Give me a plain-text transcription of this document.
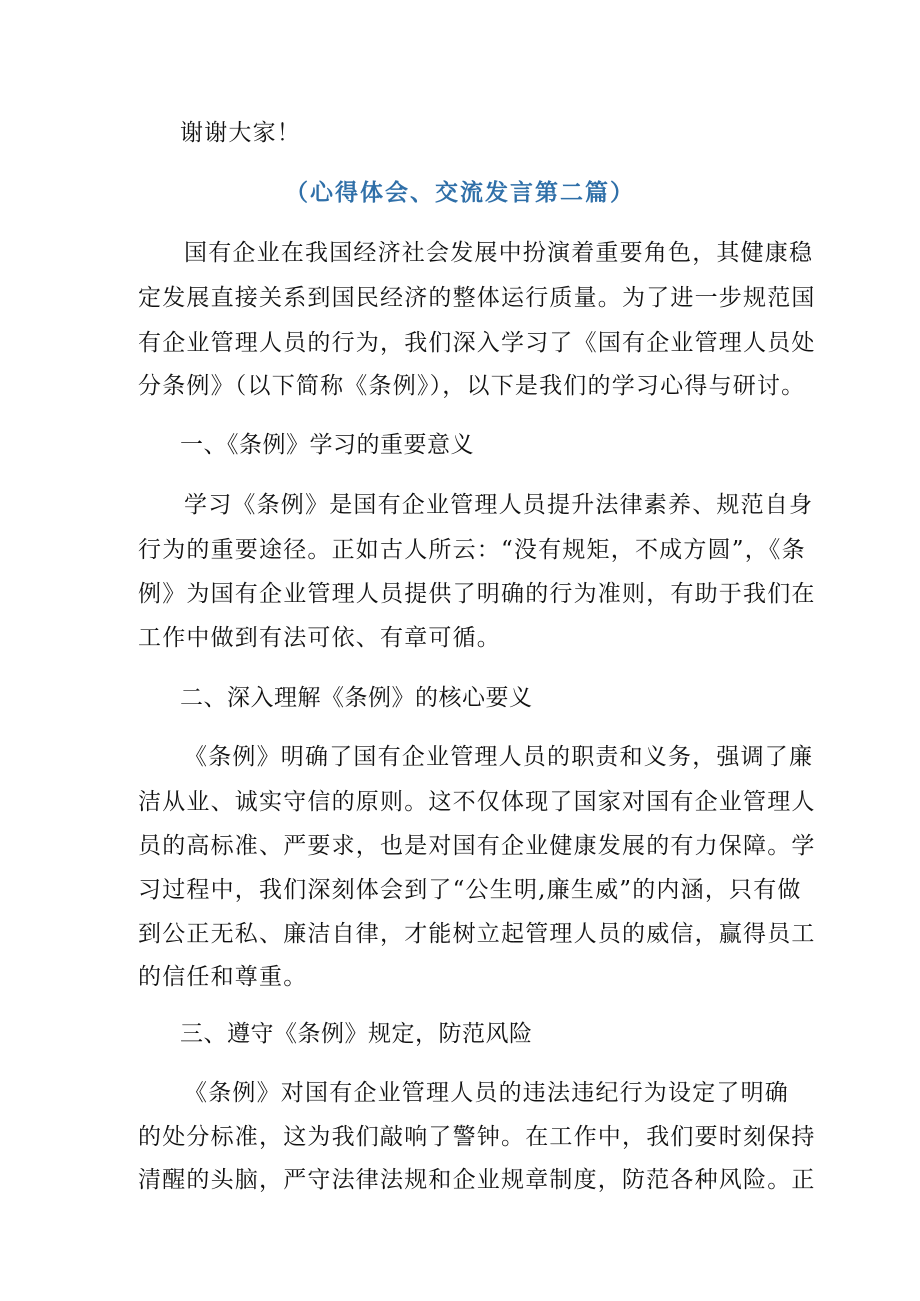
谢谢大家！
（心得体会、交流发言第二篇）
国有企业在我国经济社会发展中扮演着重要角色，其健康稳
定发展直接关系到国民经济的整体运行质量。为了进一步规范国
有企业管理人员的行为，我们深入学习了《国有企业管理人员处
分条例》（以下简称《条例》），以下是我们的学习心得与研讨。
一、《条例》学习的重要意义
学习《条例》是国有企业管理人员提升法律素养、规范自身
行为的重要途径。正如古人所云：“没有规矩，不成方圆”，《条
例》为国有企业管理人员提供了明确的行为准则，有助于我们在
工作中做到有法可依、有章可循。
二、深入理解《条例》的核心要义
《条例》明确了国有企业管理人员的职责和义务，强调了廉
洁从业、诚实守信的原则。这不仅体现了国家对国有企业管理人
员的高标准、严要求，也是对国有企业健康发展的有力保障。学
习过程中，我们深刻体会到了“公生明,廉生威”的内涵，只有做
到公正无私、廉洁自律，才能树立起管理人员的威信，赢得员工
的信任和尊重。
三、遵守《条例》规定，防范风险
《条例》对国有企业管理人员的违法违纪行为设定了明确
的处分标准，这为我们敲响了警钟。在工作中，我们要时刻保持
清醒的头脑，严守法律法规和企业规章制度，防范各种风险。正
